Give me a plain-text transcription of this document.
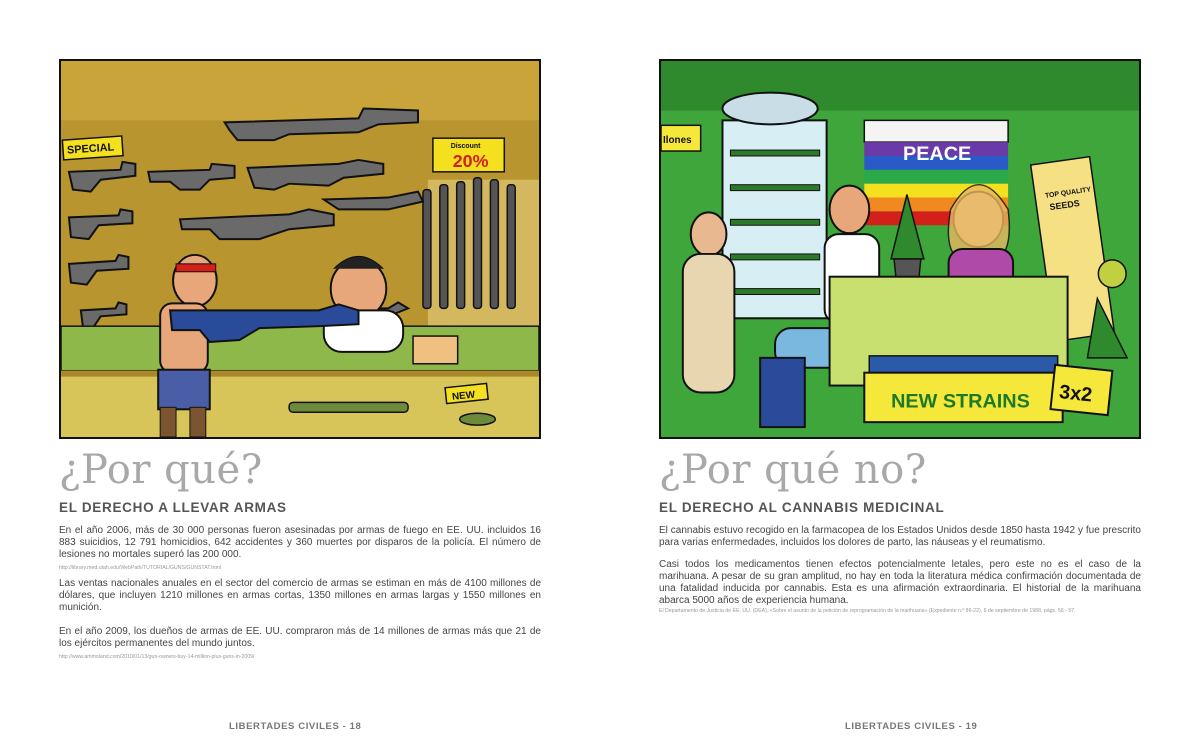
SPECIAL	Discount
20%
NEW
¿Por qué?
EL DERECHO A LLEVAR ARMAS

En el año 2006, más de 30 000 personas fueron asesinadas por armas de fuego en EE. UU. incluidos 16 883 suicidios, 12 791 homicidios, 642 accidentes y 360 muertes por disparos de la policía. El número de lesiones no mortales superó las 200 000.

http://library.med.utah.edu/WebPath/TUTORIAL/GUNS/GUNSTAT.html

Las ventas nacionales anuales en el sector del comercio de armas se estiman en más de 4100 millones de dólares, que incluyen 1210 millones en armas cortas, 1350 millones en armas largas y 1550 millones en munición.

En el año 2009, los dueños de armas de EE. UU. compraron más de 14 millones de armas más que 21 de los ejércitos permanentes del mundo juntos.

http://www.ammoland.com/2010/01/13/gun-owners-buy-14-million-plus-guns-in-2009/
LIBERTADES CIVILES - 18
Ilones
PEACE
TOP QUALITY
SEEDS
NEW STRAINS 3x2
¿Por qué no?
EL DERECHO AL CANNABIS MEDICINAL

El cannabis estuvo recogido en la farmacopea de los Estados Unidos desde 1850 hasta 1942 y fue prescrito para varias enfermedades, incluidos los dolores de parto, las náuseas y el reumatismo.

Casi todos los medicamentos tienen efectos potencialmente letales, pero este no es el caso de la marihuana. A pesar de su gran amplitud, no hay en toda la literatura médica confirmación documentada de una fatalidad inducida por cannabis. Esta es una afirmación extraordinaria. El historial de la marihuana abarca 5000 años de experiencia humana.

El Departamento de Justicia de EE. UU. (DEA), «Sobre el asunto de la petición de reprogramación de la marihuana» (Expediente n.º 86-22), 6 de septiembre de 1988, págs. 56 - 57.
LIBERTADES CIVILES - 19
